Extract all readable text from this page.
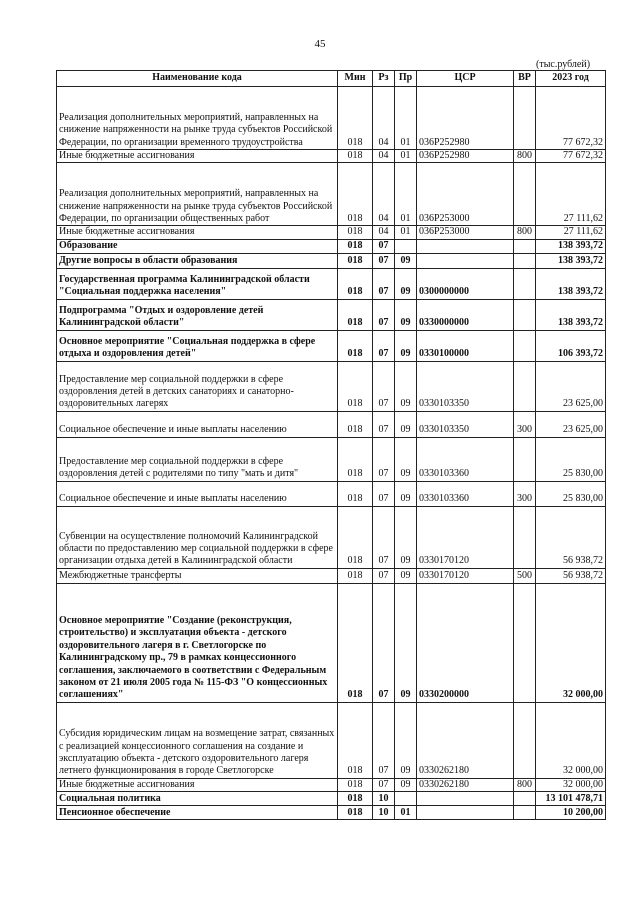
45
(тыс.рублей)
Наименование кода	Мин	Рз	Пр	ЦСР	ВР	2023 год
Реализация дополнительных мероприятий, направленных на снижение напряженности на рынке труда субъектов Российской Федерации, по организации временного трудоустройства	018	04	01	036P252980		77 672,32
Иные бюджетные ассигнования	018	04	01	036P252980	800	77 672,32
Реализация дополнительных мероприятий, направленных на снижение напряженности на рынке труда субъектов Российской Федерации, по организации общественных работ	018	04	01	036P253000		27 111,62
Иные бюджетные ассигнования	018	04	01	036P253000	800	27 111,62
Образование	018	07				138 393,72
Другие вопросы в области образования	018	07	09			138 393,72
Государственная программа Калининградской области "Социальная поддержка населения"	018	07	09	0300000000		138 393,72
Подпрограмма "Отдых и оздоровление детей Калининградской области"	018	07	09	0330000000		138 393,72
Основное мероприятие "Социальная поддержка в сфере отдыха и оздоровления детей"	018	07	09	0330100000		106 393,72
Предоставление мер социальной поддержки в сфере оздоровления детей в детских санаториях и санаторно-оздоровительных лагерях	018	07	09	0330103350		23 625,00
Социальное обеспечение и иные выплаты населению	018	07	09	0330103350	300	23 625,00
Предоставление мер социальной поддержки в сфере оздоровления детей с родителями по типу "мать и дитя"	018	07	09	0330103360		25 830,00
Социальное обеспечение и иные выплаты населению	018	07	09	0330103360	300	25 830,00
Субвенции на осуществление полномочий Калининградской области по предоставлению мер социальной поддержки в сфере организации отдыха детей в Калининградской области	018	07	09	0330170120		56 938,72
Межбюджетные трансферты	018	07	09	0330170120	500	56 938,72
Основное мероприятие "Создание (реконструкция, строительство) и эксплуатация объекта - детского оздоровительного лагеря в г. Светлогорске по Калининградскому пр., 79 в рамках концессионного соглашения, заключаемого в соответствии с Федеральным законом от 21 июля 2005 года № 115-ФЗ "О концессионных соглашениях"	018	07	09	0330200000		32 000,00
Субсидия юридическим лицам на возмещение затрат, связанных с реализацией концессионного соглашения на создание и эксплуатацию объекта - детского оздоровительного лагеря летнего функционирования в городе Светлогорске	018	07	09	0330262180		32 000,00
Иные бюджетные ассигнования	018	07	09	0330262180	800	32 000,00
Социальная политика	018	10				13 101 478,71
Пенсионное обеспечение	018	10	01			10 200,00
